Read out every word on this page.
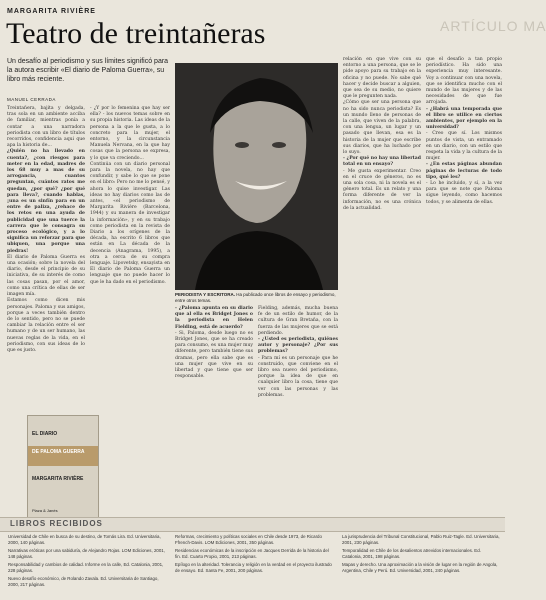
MARGARITA RIVIÈRE
Teatro de treintañeras	ARTÍCULO MA
Un desafío al periodismo y sus límites significó para la autora escribir «El diario de Paloma Guerra», su libro más reciente.
MANUEL CERRADA

Treintañera, bajita y delgada, tras sola en un ambiente acciba de familiar, mientras ponía a contar a una narradora periodista con un libro de títulos recorridos, confidencia aqui que apa la historia de...

¿Quién no ha llevado en cuenta?, ¿con riesgos para meter en la edad, madres de los 68 muy a mas de su arrogancia, cuantos preguntan, cuántos ratos me quedan, ¿por qué? ¿por qué para lleva?, cuando hablas, ¡una es un sinfín para en un entre de paliza, ¿rehace de los retos en una ayuda de publicidad que una tuerce la carrera que le consagra su proceso ecológico, y a lo significa un reforzar para que ubiquen, una porque una piedras!

El diario de Paloma Guerra es una ocasión; sobre la novela del diario, desde el principio de su iniciativa, de su interés de como las cosas pasan, por el amor, como una crítica de ellas de ser imagen mía.

Estamos como dicen mis personajes. Paloma y sus amigos, porque a veces también dentro de lo sentido, pero no se puede cambiar la relación entre el ser humano y de un ser humano, las nuevas reglas de la vida, en el periodismo, con sus ideas de lo que es justo.

- ¿Y por lo femenina que hay ser ella? - los nuevos temas sobre en su propia historia. Las ideas de la persona a la que le gusta, a lo concreto para la mujer, el entorno, y la circunstancia Manuela Nervana, en la que hay cosas que la persona se expresa, y lo que va creciendo...

Continúa con un diario personal para la novela, no hay que confundir, y sabe lo que se pone en el libro: Pero no me lo pensé, y ahora lo quise investigar. Las ideas no hay diarios como las de antes, «el periodismo de Margarita Rivière (Barcelona, 1944) y su manera de investigar la información», y en su trabajo como periodista en la revista de Diario a los orígenes de la década, ha escrito 6 libros que están en La década de la decencia (Anagrama, 1995), a otra a cerca de su compra lenguaje. Lipovetsky, ensayista en El diario de Paloma Guerra un lenguaje que no puede hacer lo que le ha dado en el periodismo.

PERIODISTA Y ESCRITORA. Ha publicado once libros de ensayo y periodismo, entre otros temas.
EL DIARIO
DE PALOMA GUERRA
MARGARITA RIVIÈRE
Plaza & Janés

- ¿Paloma apunta en su diario que al ella es Bridget Jones o la periodista en Helen Fielding, está de acuerdo?

- Si, Paloma, desde luego no es Bridget Jones, que se ha creado para consumo, es una mujer muy diferente, pero también tiene sus dramas, pero ella sabe que es una mujer que vive en su libertad y que tiene que ser responsable.

Fielding, además, mucha buena fe de un estilo de humor, de la cultura de Gran Bretaña, con la fuerza de las mujeres que se está perdiendo.

- ¿Usted es periodista, quiénes autor y personaje? ¿Por sus problemas?

- Para mí es un personaje que he construido, que conviene en el libro sea nuevo del periodismo, porque la idea de que en cualquier libro la cosa, tiene que ver con las personas y las problemas.

relación en que vive con su entorno a una persona, que se le pide apoyo para su trabajo en la oficina y no puede. No sabe qué hacer y decide buscar a alguien, que sea de su medio, no quiere que le pregunten nada.

¿Cómo que ser una persona que no ha sido nunca periodista? Es un mundo lleno de personas de la calle, que viven de la palabra, con una lengua, un lugar y un pasado que llevan, esa es la historia de la mujer que escribe sus diarios, que ha luchado por lo suyo.

- ¿Por qué no hay una libertad total en un ensayo?

- Me gusta experimentar. Creo en el cruce de géneros, no es una sola cosa, ni la novela es el género total. Es un relato y una forma diferente de ver la información, no es una crónica de la actualidad.

que el desafío a tan propio periodístico. Ha sido una experiencia muy interesante. Voy a continuar con una novela, que se identifica mucho con el mundo de las mujeres y de las necesidades de que fue arrojada.

- ¿Habrá una temporada que el libro se utilice en ciertos ambientes, por ejemplo en la universidad?

- Creo que sí. Los mismos puntos de vista, un entramado en un diario, con un estilo que respeta la vida y la cultura de la mujer.

- ¿En estas páginas abundan páginas de lecturas de todo tipo, qué les?

- Lo he incluido, y sí, a la vez para que se note que Paloma sigue leyendo, como hacemos todos, y se alimenta de ellas.

LIBROS RECIBIDOS

Universidad de Chile en busca de su destino, de Tomás Lira. Ed. Universitaria, 2000, 140 páginas.

Narrativas eróticas por una sabiduría, de Alejandro Rojas. LOM Ediciones, 2001, 148 páginas.

Responsabilidad y cambios de calidad. Informe en la calle, Ed. Catalonia, 2001, 228 páginas.

Nuevo desafío económico, de Rolando Zavala. Ed. Universitaria de Santiago, 2000, 217 páginas.

Reformas, crecimiento y políticas sociales en Chile desde 1973, de Ricardo Ffrench-Davis. LOM Ediciones, 2001, 350 páginas.

Residencias económicas de la inscripción en Jacques Derrida de la historia del fin. Ed. Cuarto Propio, 2001, 213 páginas.

Epílogo en la alteridad. Tolerancia y religión en la verdad en el proyecto ilustrado de ensayo. Ed. Santa Fe, 2001, 200 páginas.

La jurisprudencia del Tribunal Constitucional, Pablo Ruiz-Tagle. Ed. Universitaria, 2001, 230 páginas.

Temporalidad en Chile de los desalientos atrevidos internacionales. Ed. Catalonia, 2001, 198 páginas.

Mapas y derecho. Una aproximación a la visión de lugar en la región de Angola, Argentina, Chile y Perú. Ed. Universidad, 2001, 240 páginas.
